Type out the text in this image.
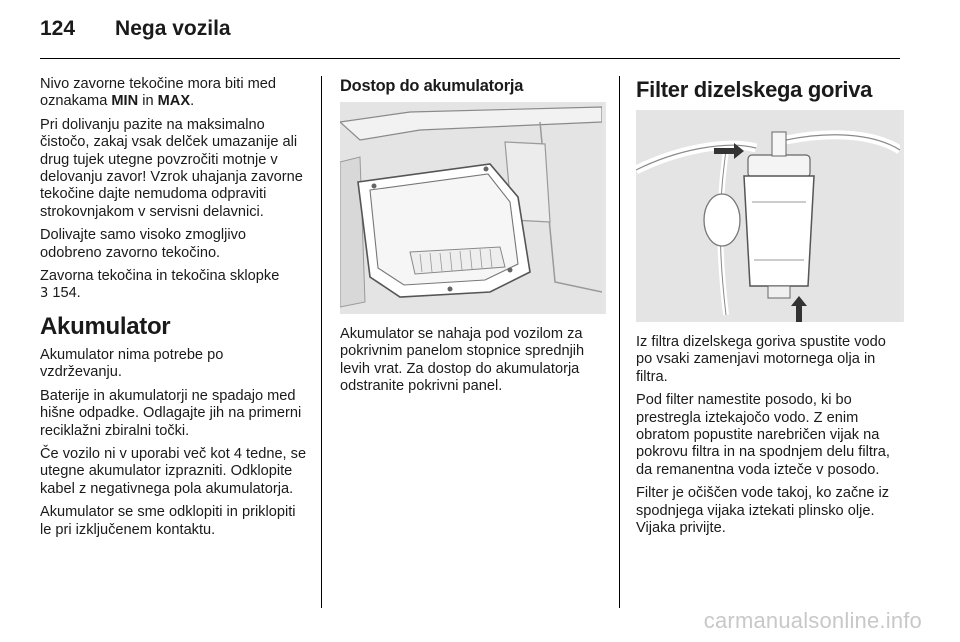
124 Nega vozila

Nivo zavorne tekočine mora biti med oznakama MIN in MAX.

Pri dolivanju pazite na maksimalno čistočo, zakaj vsak delček umazanije ali drug tujek utegne povzročiti motnje v delovanju zavor! Vzrok uhajanja zavorne tekočine dajte nemudoma odpraviti strokovnjakom v servisni delavnici.

Dolivajte samo visoko zmogljivo odobreno zavorno tekočino.

Zavorna tekočina in tekočina sklopke
3 154.

Akumulator

Akumulator nima potrebe po vzdrževanju.

Baterije in akumulatorji ne spadajo med hišne odpadke. Odlagajte jih na primerni reciklažni zbiralni točki.

Če vozilo ni v uporabi več kot 4 tedne, se utegne akumulator izprazniti. Odklopite kabel z negativnega pola akumulatorja.

Akumulator se sme odklopiti in priklopiti le pri izključenem kontaktu.

Dostop do akumulatorja

Akumulator se nahaja pod vozilom za pokrivnim panelom stopnice sprednjih levih vrat. Za dostop do akumulatorja odstranite pokrivni panel.

Filter dizelskega goriva

Iz filtra dizelskega goriva spustite vodo po vsaki zamenjavi motornega olja in filtra.

Pod filter namestite posodo, ki bo prestregla iztekajočo vodo. Z enim obratom popustite narebričen vijak na pokrovu filtra in na spodnjem delu filtra, da remanentna voda izteče v posodo.

Filter je očiščen vode takoj, ko začne iz spodnjega vijaka iztekati plinsko olje. Vijaka privijte.

carmanualsonline.info
